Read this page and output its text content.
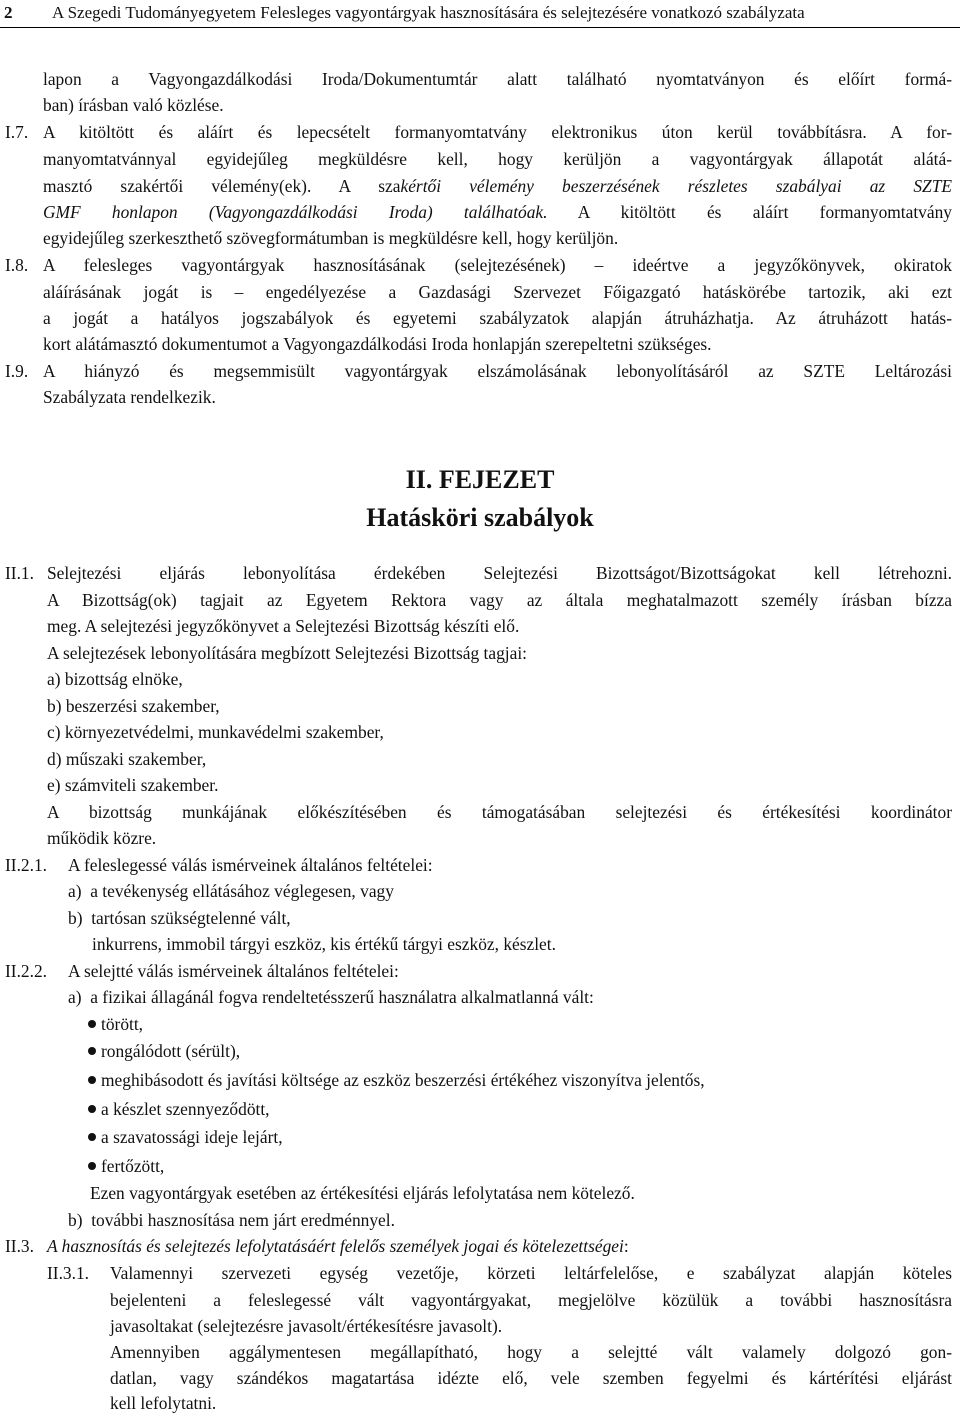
2 A Szegedi Tudományegyetem Felesleges vagyontárgyak hasznosítására és selejtezésére vonatkozó szabályzata
lapon a Vagyongazdálkodási Iroda/Dokumentumtár alatt található nyomtatványon és előírt formá-
ban) írásban való közlése.
I.7. A kitöltött és aláírt és lepecsételt formanyomtatvány elektronikus úton kerül továbbításra. A for-
manyomtatvánnyal egyidejűleg megküldésre kell, hogy kerüljön a vagyontárgyak állapotát alátá-
masztó szakértői vélemény(ek). A szakértői vélemény beszerzésének részletes szabályai az SZTE
GMF honlapon (Vagyongazdálkodási Iroda) találhatóak. A kitöltött és aláírt formanyomtatvány
egyidejűleg szerkeszthető szövegformátumban is megküldésre kell, hogy kerüljön.
I.8. A felesleges vagyontárgyak hasznosításának (selejtezésének) – ideértve a jegyzőkönyvek, okiratok
aláírásának jogát is – engedélyezése a Gazdasági Szervezet Főigazgató hatáskörébe tartozik, aki ezt
a jogát a hatályos jogszabályok és egyetemi szabályzatok alapján átruházhatja. Az átruházott hatás-
kort alátámasztó dokumentumot a Vagyongazdálkodási Iroda honlapján szerepeltetni szükséges.
I.9. A hiányzó és megsemmisült vagyontárgyak elszámolásának lebonyolításáról az SZTE Leltározási
Szabályzata rendelkezik.
II. FEJEZET
Hatásköri szabályok
II.1. Selejtezési eljárás lebonyolítása érdekében Selejtezési Bizottságot/Bizottságokat kell létrehozni.
A Bizottság(ok) tagjait az Egyetem Rektora vagy az általa meghatalmazott személy írásban bízza
meg. A selejtezési jegyzőkönyvet a Selejtezési Bizottság készíti elő.
A selejtezések lebonyolítására megbízott Selejtezési Bizottság tagjai:
a) bizottság elnöke,
b) beszerzési szakember,
c) környezetvédelmi, munkavédelmi szakember,
d) műszaki szakember,
e) számviteli szakember.
A bizottság munkájának előkészítésében és támogatásában selejtezési és értékesítési koordinátor
működik közre.
II.2.1. A feleslegessé válás ismérveinek általános feltételei:
a) a tevékenység ellátásához véglegesen, vagy
b) tartósan szükségtelenné vált,
inkurrens, immobil tárgyi eszköz, kis értékű tárgyi eszköz, készlet.
II.2.2. A selejtté válás ismérveinek általános feltételei:
a) a fizikai állagánál fogva rendeltetésszerű használatra alkalmatlanná vált:
törött,
rongálódott (sérült),
meghibásodott és javítási költsége az eszköz beszerzési értékéhez viszonyítva jelentős,
a készlet szennyeződött,
a szavatossági ideje lejárt,
fertőzött,
Ezen vagyontárgyak esetében az értékesítési eljárás lefolytatása nem kötelező.
b) további hasznosítása nem járt eredménnyel.
II.3. A hasznosítás és selejtezés lefolytatásáért felelős személyek jogai és kötelezettségei:
II.3.1. Valamennyi szervezeti egység vezetője, körzeti leltárfelelőse, e szabályzat alapján köteles
bejelenteni a feleslegessé vált vagyontárgyakat, megjelölve közülük a további hasznosításra
javasoltakat (selejtezésre javasolt/értékesítésre javasolt).
Amennyiben aggálymentesen megállapítható, hogy a selejtté vált valamely dolgozó gon-
datlan, vagy szándékos magatartása idézte elő, vele szemben fegyelmi és kártérítési eljárást
kell lefolytatni.
